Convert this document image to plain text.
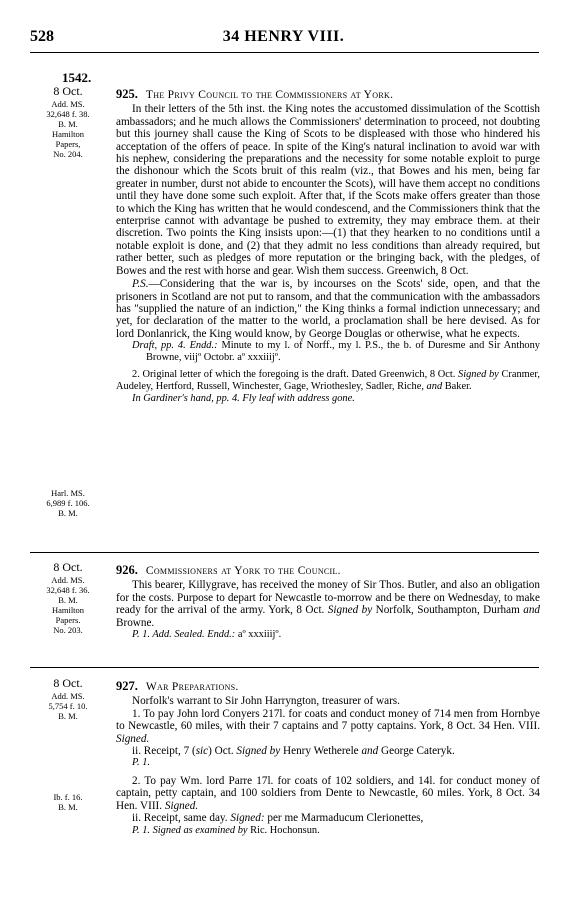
528	34 HENRY VIII.
1542.
8 Oct.
Add. MS.
32,648 f. 38.
B. M.
Hamilton
Papers,
No. 204.
Harl. MS.
6,989 f. 106.
B. M.
925. The Privy Council to the Commissioners at York.

In their letters of the 5th inst. the King notes the accustomed dissimulation of the Scottish ambassadors; and he much allows the Commissioners' determination to proceed, not doubting but this journey shall cause the King of Scots to be displeased with those who hindered his acceptation of the offers of peace. In spite of the King's natural inclination to avoid war with his nephew, considering the preparations and the necessity for some notable exploit to purge the dishonour which the Scots bruit of this realm (viz., that Bowes and his men, being far greater in number, durst not abide to encounter the Scots), will have them accept no conditions until they have done some such exploit. After that, if the Scots make offers greater than those to which the King has written that he would condescend, and the Commissioners think that the enterprise cannot with advantage be pushed to extremity, they may embrace them. at their discretion. Two points the King insists upon:—(1) that they hearken to no conditions until a notable exploit is done, and (2) that they admit no less conditions than already required, but rather better, such as pledges of more reputation or the bringing back, with the pledges, of Bowes and the rest with horse and gear. Wish them success. Greenwich, 8 Oct.

P.S.—Considering that the war is, by incourses on the Scots' side, open, and that the prisoners in Scotland are not put to ransom, and that the communication with the ambassadors has "supplied the nature of an indiction," the King thinks a formal indiction unnecessary; and yet, for declaration of the matter to the world, a proclamation shall be here devised. As for lord Donlanrick, the King would know, by George Douglas or otherwise, what he expects.

Draft, pp. 4. Endd.: Minute to my l. of Norff., my l. P.S., the b. of Duresme and Sir Anthony Browne, viijº Octobr. aº xxxiiijº.

2. Original letter of which the foregoing is the draft. Dated Greenwich, 8 Oct. Signed by Cranmer, Audeley, Hertford, Russell, Winchester, Gage, Wriothesley, Sadler, Riche, and Baker.

In Gardiner's hand, pp. 4. Fly leaf with address gone.

8 Oct.
Add. MS.
32,648 f. 36.
B. M.
Hamilton
Papers.
No. 203.
926. Commissioners at York to the Council.

This bearer, Killygrave, has received the money of Sir Thos. Butler, and also an obligation for the costs. Purpose to depart for Newcastle to-morrow and be there on Wednesday, to make ready for the arrival of the army. York, 8 Oct. Signed by Norfolk, Southampton, Durham and Browne.

P. 1. Add. Sealed. Endd.: aº xxxiiijº.

8 Oct.
Add. MS.
5,754 f. 10.
B. M.
Ib. f. 16.
B. M.
927. War Preparations.

Norfolk's warrant to Sir John Harryngton, treasurer of wars.

1. To pay John lord Conyers 217l. for coats and conduct money of 714 men from Hornbye to Newcastle, 60 miles, with their 7 captains and 7 potty captains. York, 8 Oct. 34 Hen. VIII. Signed.

ii. Receipt, 7 (sic) Oct. Signed by Henry Wetherele and George Cateryk.

P. 1.

2. To pay Wm. lord Parre 17l. for coats of 102 soldiers, and 14l. for conduct money of captain, petty captain, and 100 soldiers from Dente to Newcastle, 60 miles. York, 8 Oct. 34 Hen. VIII. Signed.

ii. Receipt, same day. Signed: per me Marmaducum Clerionettes,

P. 1. Signed as examined by Ric. Hochonsun.
